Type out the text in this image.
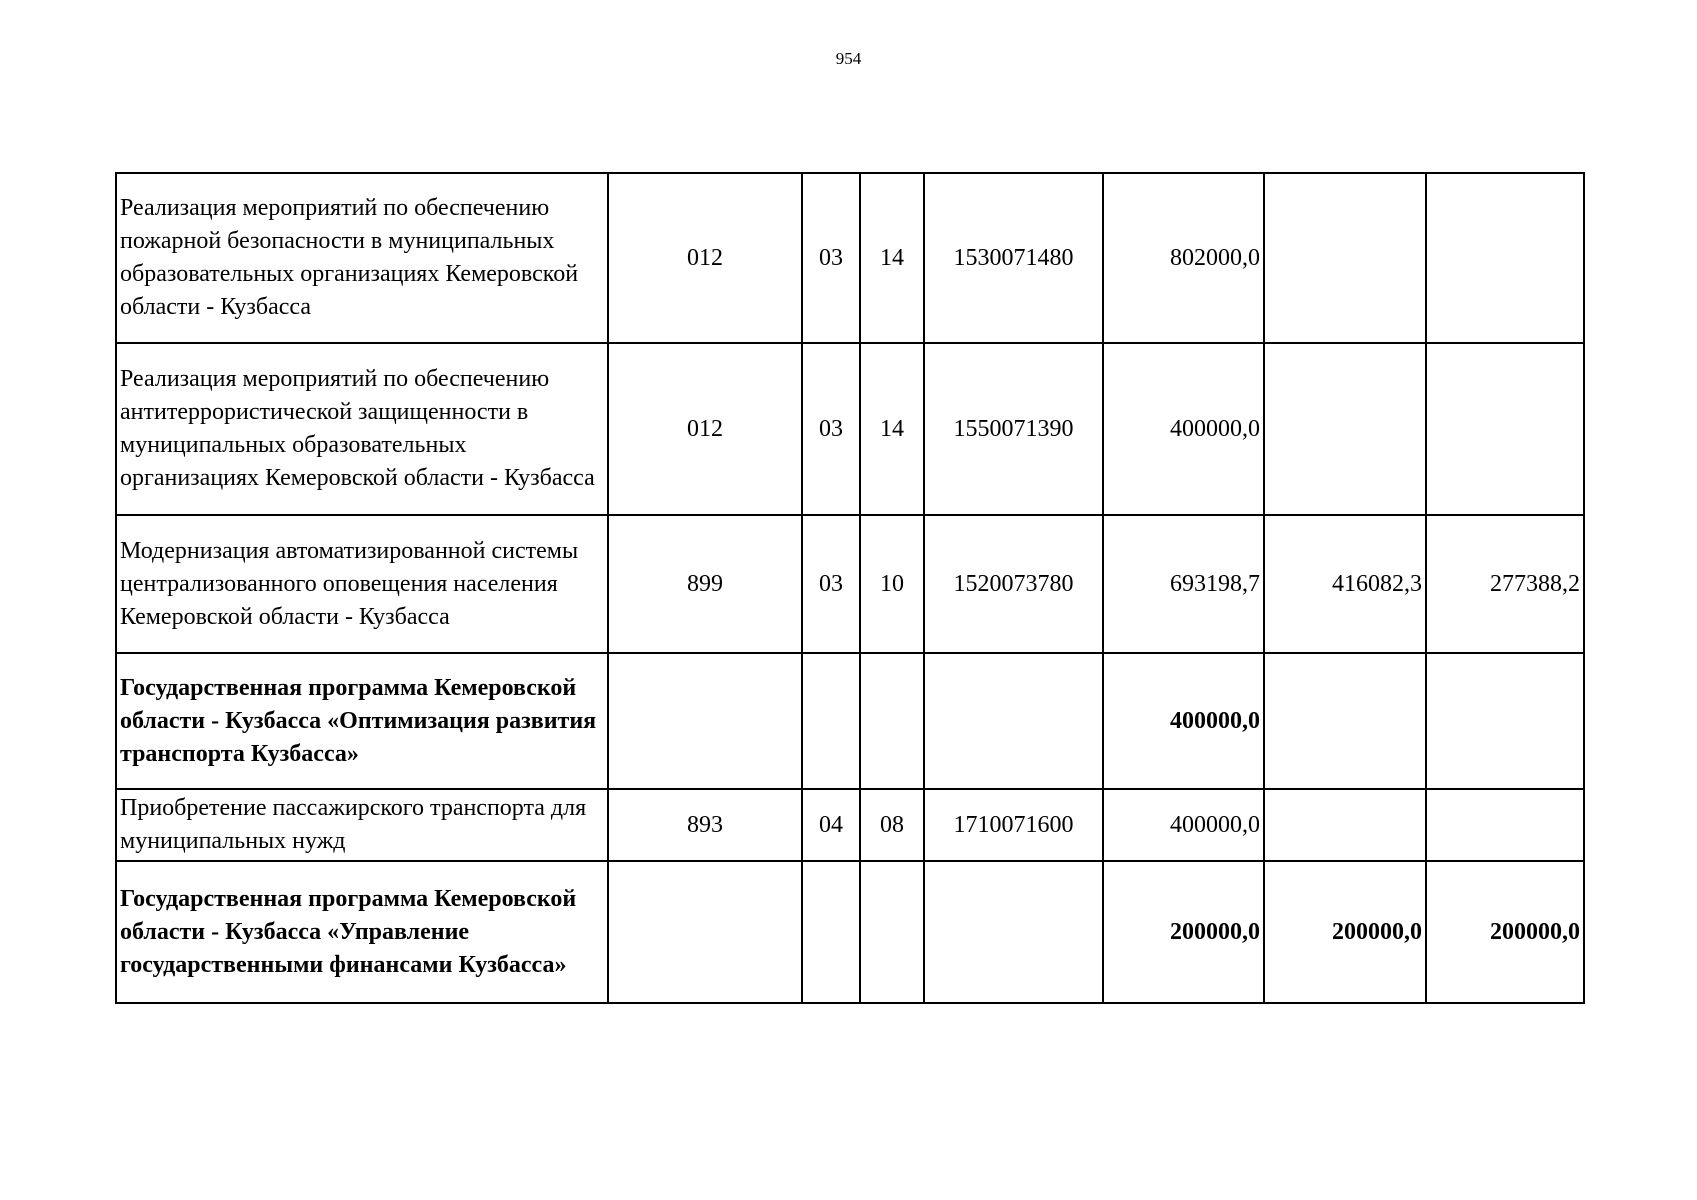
954
Реализация мероприятий по обеспечению пожарной безопасности в муниципальных образовательных организациях Кемеровской области - Кузбасса	012	03	14	1530071480	802000,0		
Реализация мероприятий по обеспечению антитеррористической защищенности в муниципальных образовательных организациях Кемеровской области - Кузбасса	012	03	14	1550071390	400000,0		
Модернизация автоматизированной системы централизованного оповещения населения Кемеровской области - Кузбасса	899	03	10	1520073780	693198,7	416082,3	277388,2
Государственная программа Кемеровской области - Кузбасса «Оптимизация развития транспорта Кузбасса»					400000,0		
Приобретение пассажирского транспорта для муниципальных нужд	893	04	08	1710071600	400000,0		
Государственная программа Кемеровской области - Кузбасса «Управление государственными финансами Кузбасса»					200000,0	200000,0	200000,0
